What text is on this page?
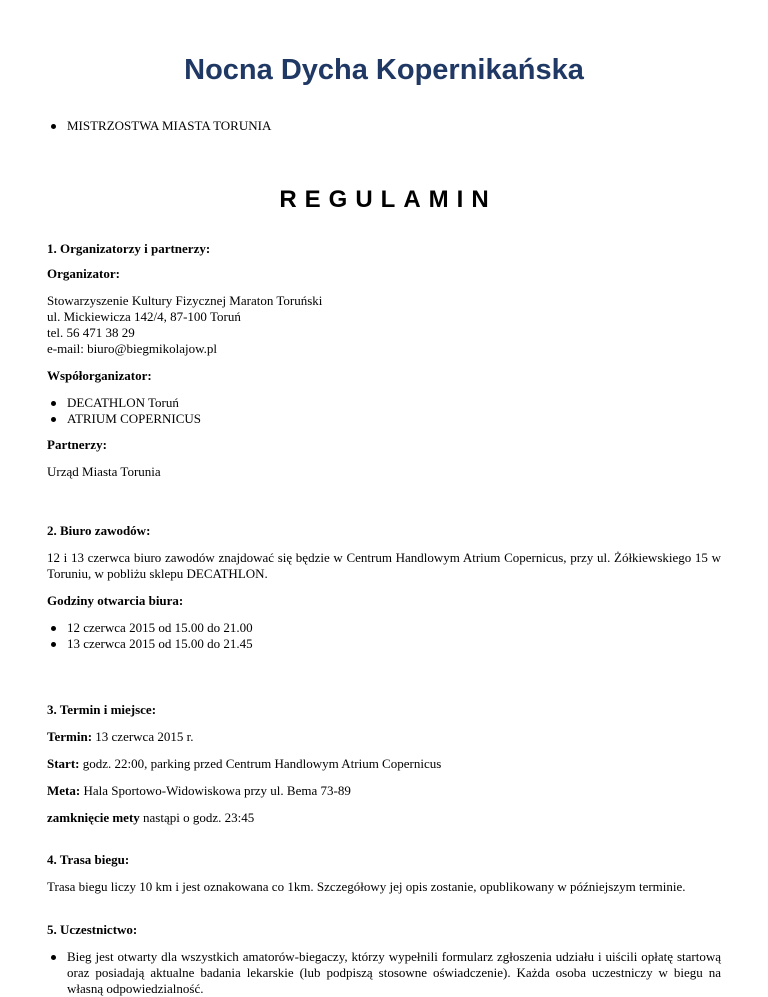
Nocna Dycha Kopernikańska
MISTRZOSTWA MIASTA TORUNIA
REGULAMIN

1. Organizatorzy i partnerzy:

Organizator:

Stowarzyszenie Kultury Fizycznej Maraton Toruński
ul. Mickiewicza 142/4, 87-100 Toruń
tel. 56 471 38 29
e-mail: biuro@biegmikolajow.pl

Współorganizator:

DECATHLON Toruń
ATRIUM COPERNICUS

Partnerzy:

Urząd Miasta Torunia

2. Biuro zawodów:

12 i 13 czerwca biuro zawodów znajdować się będzie w Centrum Handlowym Atrium Copernicus, przy ul. Żółkiewskiego 15 w Toruniu, w pobliżu sklepu DECATHLON.

Godziny otwarcia biura:

12 czerwca 2015 od 15.00 do 21.00
13 czerwca 2015 od 15.00 do 21.45

3. Termin i miejsce:

Termin: 13 czerwca 2015 r.

Start: godz. 22:00, parking przed Centrum Handlowym Atrium Copernicus

Meta: Hala Sportowo-Widowiskowa przy ul. Bema 73-89

zamknięcie mety nastąpi o godz. 23:45

4. Trasa biegu:

Trasa biegu liczy 10 km i jest oznakowana co 1km. Szczegółowy jej opis zostanie, opublikowany w późniejszym terminie.

5. Uczestnictwo:

Bieg jest otwarty dla wszystkich amatorów-biegaczy, którzy wypełnili formularz zgłoszenia udziału i uiścili opłatę startową oraz posiadają aktualne badania lekarskie (lub podpiszą stosowne oświadczenie). Każda osoba uczestniczy w biegu na własną odpowiedzialność.
